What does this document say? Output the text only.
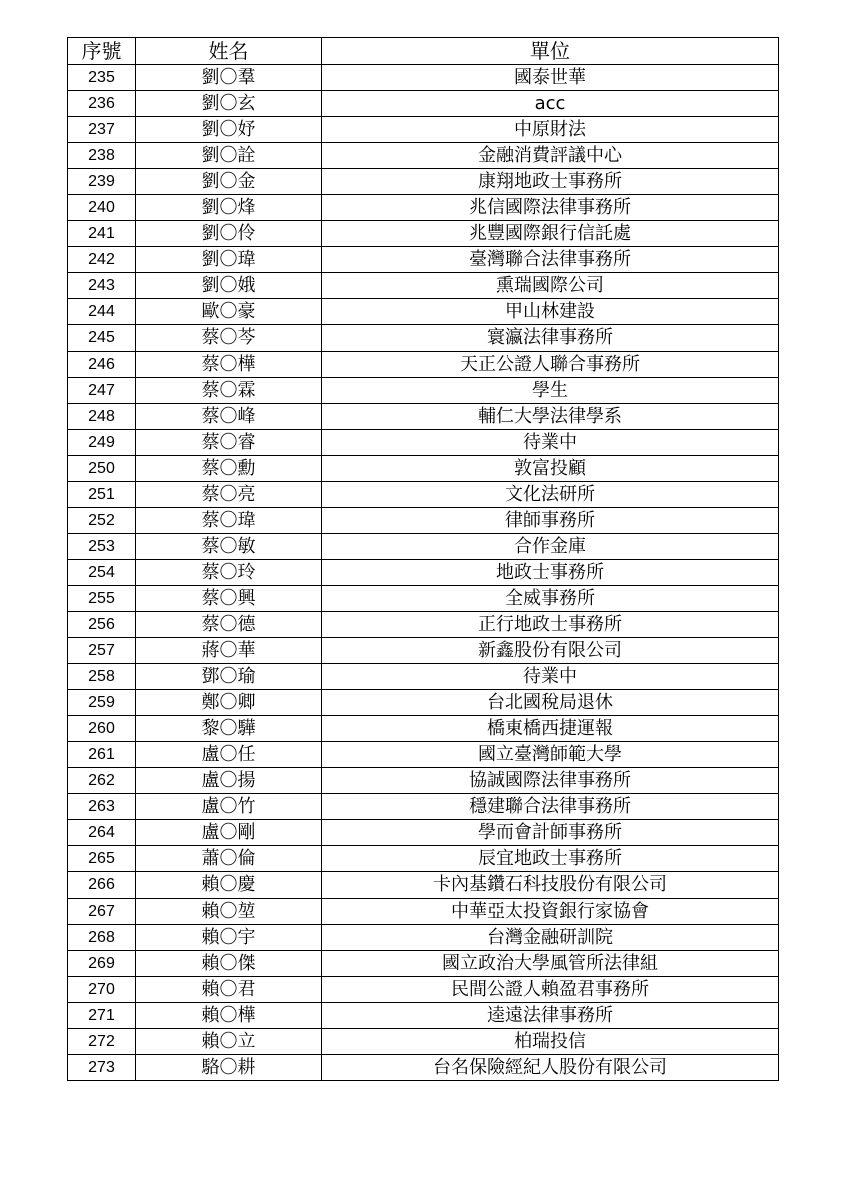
序號	姓名	單位
235	劉〇羣	國泰世華
236	劉〇玄	acc
237	劉〇妤	中原財法
238	劉〇詮	金融消費評議中心
239	劉〇金	康翔地政士事務所
240	劉〇烽	兆信國際法律事務所
241	劉〇伶	兆豐國際銀行信託處
242	劉〇瑋	臺灣聯合法律事務所
243	劉〇娥	熏瑞國際公司
244	歐〇豪	甲山林建設
245	蔡〇芩	寰瀛法律事務所
246	蔡〇樺	天正公證人聯合事務所
247	蔡〇霖	學生
248	蔡〇峰	輔仁大學法律學系
249	蔡〇睿	待業中
250	蔡〇勳	敦富投顧
251	蔡〇亮	文化法研所
252	蔡〇瑋	律師事務所
253	蔡〇敏	合作金庫
254	蔡〇玲	地政士事務所
255	蔡〇興	全威事務所
256	蔡〇德	正行地政士事務所
257	蔣〇華	新鑫股份有限公司
258	鄧〇瑜	待業中
259	鄭〇卿	台北國稅局退休
260	黎〇驊	橋東橋西捷運報
261	盧〇任	國立臺灣師範大學
262	盧〇揚	協誠國際法律事務所
263	盧〇竹	穩建聯合法律事務所
264	盧〇剛	學而會計師事務所
265	蕭〇倫	辰宜地政士事務所
266	賴〇慶	卡內基鑽石科技股份有限公司
267	賴〇堃	中華亞太投資銀行家協會
268	賴〇宇	台灣金融研訓院
269	賴〇傑	國立政治大學風管所法律組
270	賴〇君	民間公證人賴盈君事務所
271	賴〇樺	逵遠法律事務所
272	賴〇立	柏瑞投信
273	駱〇耕	台名保險經紀人股份有限公司
